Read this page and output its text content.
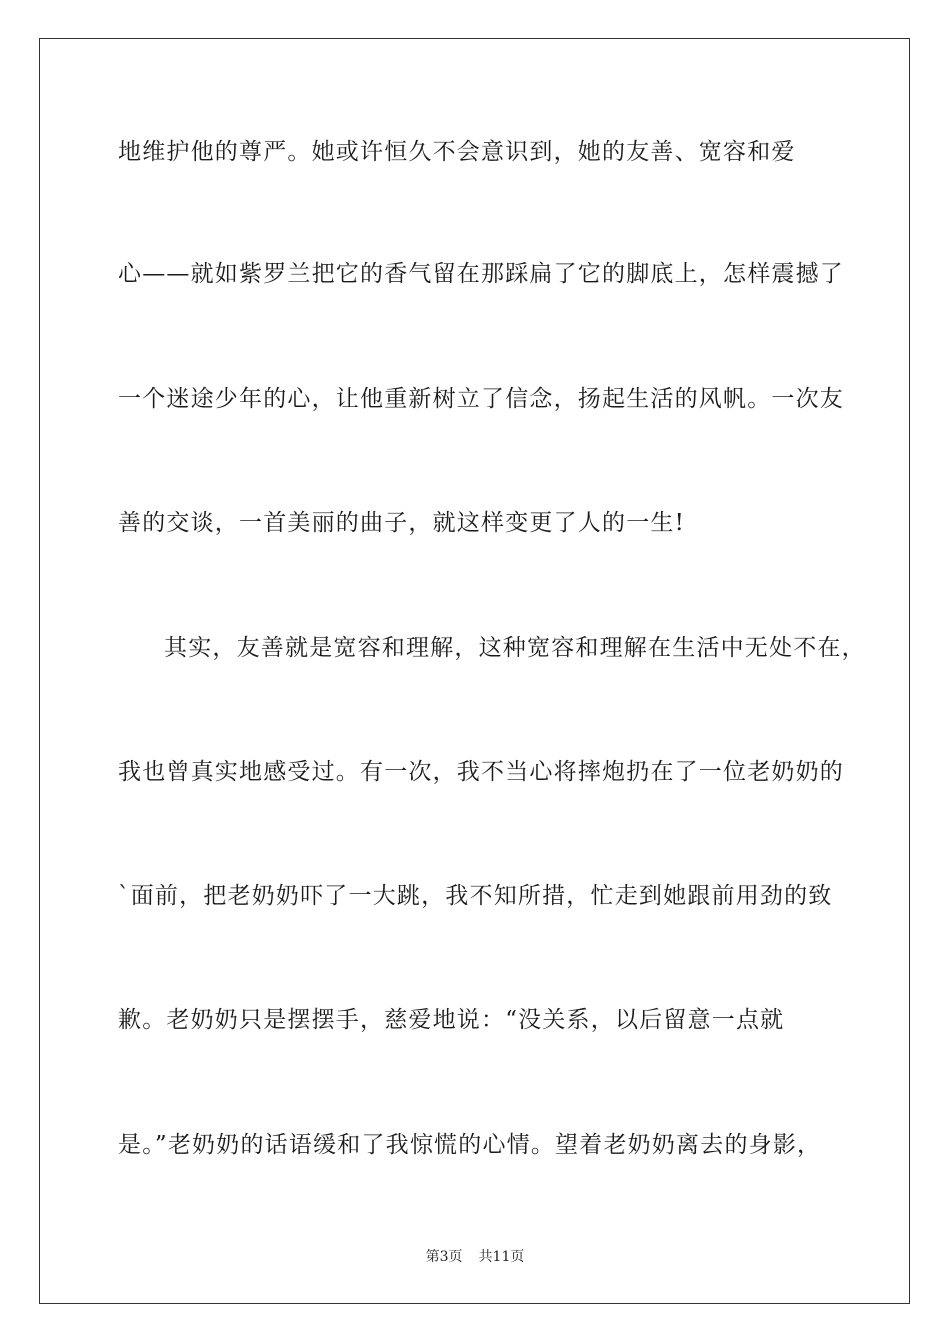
地维护他的尊严。她或许恒久不会意识到，她的友善、宽容和爱
心——就如紫罗兰把它的香气留在那踩扁了它的脚底上，怎样震撼了
一个迷途少年的心，让他重新树立了信念，扬起生活的风帆。一次友
善的交谈，一首美丽的曲子，就这样变更了人的一生!
其实，友善就是宽容和理解，这种宽容和理解在生活中无处不在，
我也曾真实地感受过。有一次，我不当心将摔炮扔在了一位老奶奶的
`面前，把老奶奶吓了一大跳，我不知所措，忙走到她跟前用劲的致
歉。老奶奶只是摆摆手，慈爱地说：“没关系，以后留意一点就
是。”老奶奶的话语缓和了我惊慌的心情。望着老奶奶离去的身影，
第3页 共11页
